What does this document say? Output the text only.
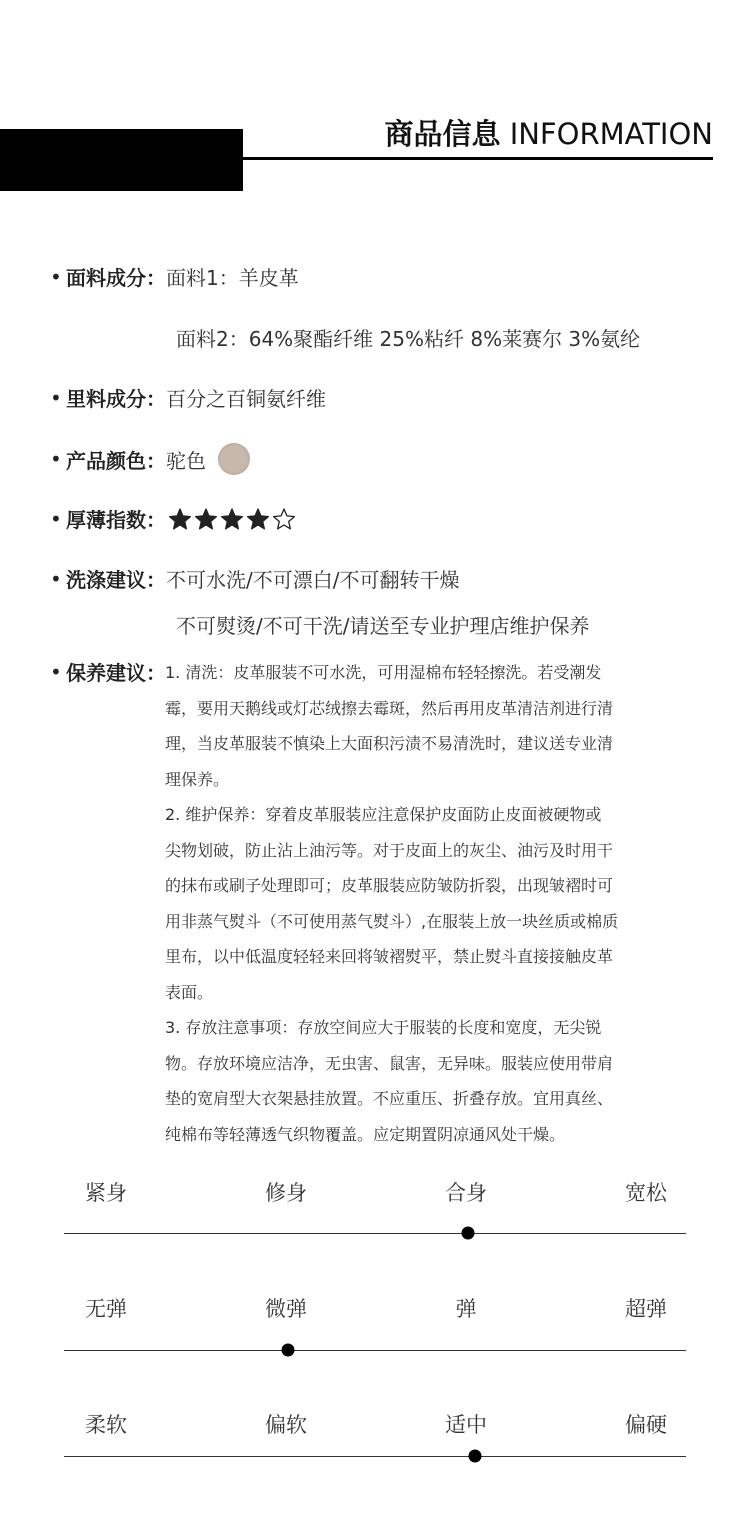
商品信息 INFORMATION
• 面料成分： 面料1：羊皮革
面料2：64%聚酯纤维 25%粘纤 8%莱赛尔 3%氨纶
• 里料成分： 百分之百铜氨纤维
• 产品颜色： 驼色
• 厚薄指数：
• 洗涤建议： 不可水洗/不可漂白/不可翻转干燥
不可熨烫/不可干洗/请送至专业护理店维护保养
• 保养建议： 1. 清洗：皮革服装不可水洗，可用湿棉布轻轻擦洗。若受潮发

霉，要用天鹅线或灯芯绒擦去霉斑，然后再用皮革清洁剂进行清

理，当皮革服装不慎染上大面积污渍不易清洗时，建议送专业清

理保养。

2. 维护保养：穿着皮革服装应注意保护皮面防止皮面被硬物或

尖物划破，防止沾上油污等。对于皮面上的灰尘、油污及时用干

的抹布或刷子处理即可；皮革服装应防皱防折裂，出现皱褶时可

用非蒸气熨斗（不可使用蒸气熨斗）,在服装上放一块丝质或棉质

里布，以中低温度轻轻来回将皱褶熨平，禁止熨斗直接接触皮革

表面。

3. 存放注意事项：存放空间应大于服装的长度和宽度，无尖锐

物。存放环境应洁净，无虫害、鼠害，无异味。服装应使用带肩

垫的宽肩型大衣架悬挂放置。不应重压、折叠存放。宜用真丝、

纯棉布等轻薄透气织物覆盖。应定期置阴凉通风处干燥。

紧身	修身	合身	宽松
无弹	微弹	弹	超弹
柔软	偏软	适中	偏硬
